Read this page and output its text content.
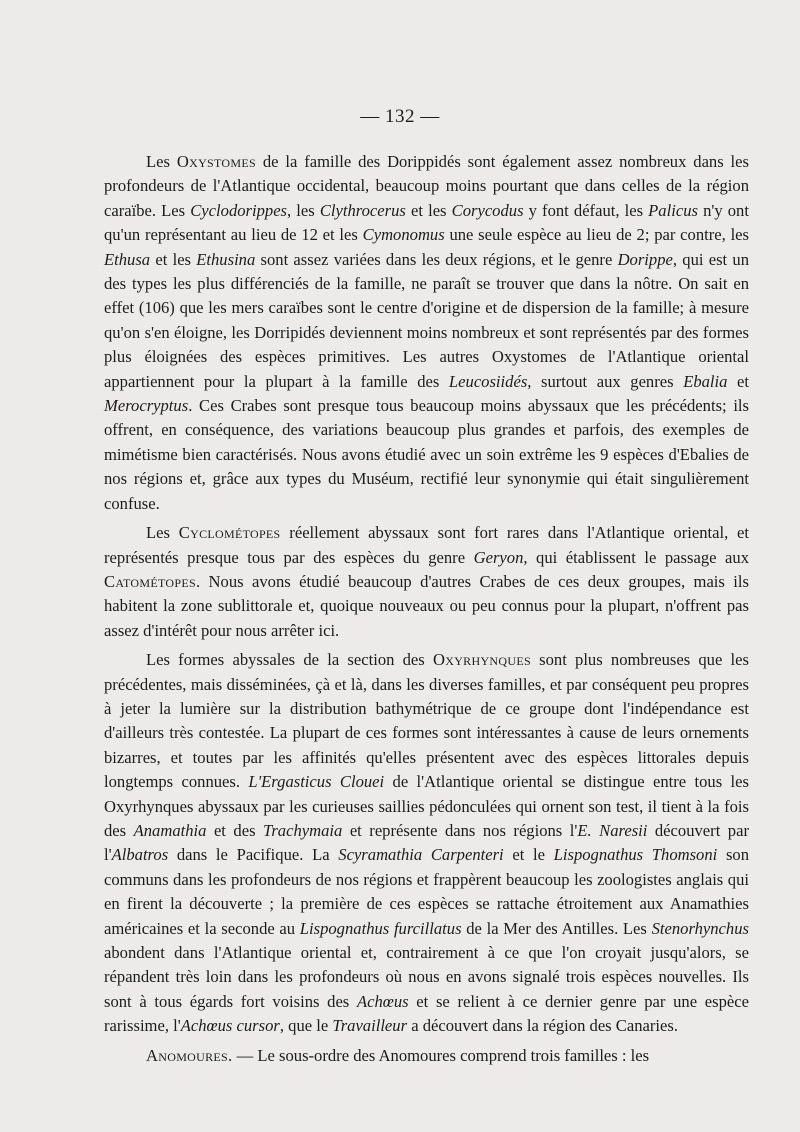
— 132 —

Les Oxystomes de la famille des Dorippidés sont également assez nombreux dans les profondeurs de l'Atlantique occidental, beaucoup moins pourtant que dans celles de la région caraïbe. Les Cyclodorippes, les Clythrocerus et les Corycodus y font défaut, les Palicus n'y ont qu'un représentant au lieu de 12 et les Cymonomus une seule espèce au lieu de 2; par contre, les Ethusa et les Ethusina sont assez variées dans les deux régions, et le genre Dorippe, qui est un des types les plus différenciés de la famille, ne paraît se trouver que dans la nôtre. On sait en effet (106) que les mers caraïbes sont le centre d'origine et de dispersion de la famille; à mesure qu'on s'en éloigne, les Dorripidés deviennent moins nombreux et sont représentés par des formes plus éloignées des espèces primitives. Les autres Oxystomes de l'Atlantique oriental appartiennent pour la plupart à la famille des Leucosiidés, surtout aux genres Ebalia et Merocryptus. Ces Crabes sont presque tous beaucoup moins abyssaux que les précédents; ils offrent, en conséquence, des variations beaucoup plus grandes et parfois, des exemples de mimétisme bien caractérisés. Nous avons étudié avec un soin extrême les 9 espèces d'Ebalies de nos régions et, grâce aux types du Muséum, rectifié leur synonymie qui était singulièrement confuse.

Les Cyclométopes réellement abyssaux sont fort rares dans l'Atlantique oriental, et représentés presque tous par des espèces du genre Geryon, qui établissent le passage aux Catométopes. Nous avons étudié beaucoup d'autres Crabes de ces deux groupes, mais ils habitent la zone sublittorale et, quoique nouveaux ou peu connus pour la plupart, n'offrent pas assez d'intérêt pour nous arrêter ici.

Les formes abyssales de la section des Oxyrhynques sont plus nombreuses que les précédentes, mais disséminées, çà et là, dans les diverses familles, et par conséquent peu propres à jeter la lumière sur la distribution bathymétrique de ce groupe dont l'indépendance est d'ailleurs très contestée. La plupart de ces formes sont intéressantes à cause de leurs ornements bizarres, et toutes par les affinités qu'elles présentent avec des espèces littorales depuis longtemps connues. L'Ergasticus Clouei de l'Atlantique oriental se distingue entre tous les Oxyrhynques abyssaux par les curieuses saillies pédonculées qui ornent son test, il tient à la fois des Anamathia et des Trachymaia et représente dans nos régions l'E. Naresii découvert par l'Albatros dans le Pacifique. La Scyramathia Carpenteri et le Lispognathus Thomsoni son communs dans les profondeurs de nos régions et frappèrent beaucoup les zoologistes anglais qui en firent la découverte ; la première de ces espèces se rattache étroitement aux Anamathies américaines et la seconde au Lispognathus furcillatus de la Mer des Antilles. Les Stenorhynchus abondent dans l'Atlantique oriental et, contrairement à ce que l'on croyait jusqu'alors, se répandent très loin dans les profondeurs où nous en avons signalé trois espèces nouvelles. Ils sont à tous égards fort voisins des Achœus et se relient à ce dernier genre par une espèce rarissime, l'Achœus cursor, que le Travailleur a découvert dans la région des Canaries.

Anomoures. — Le sous-ordre des Anomoures comprend trois familles : les
